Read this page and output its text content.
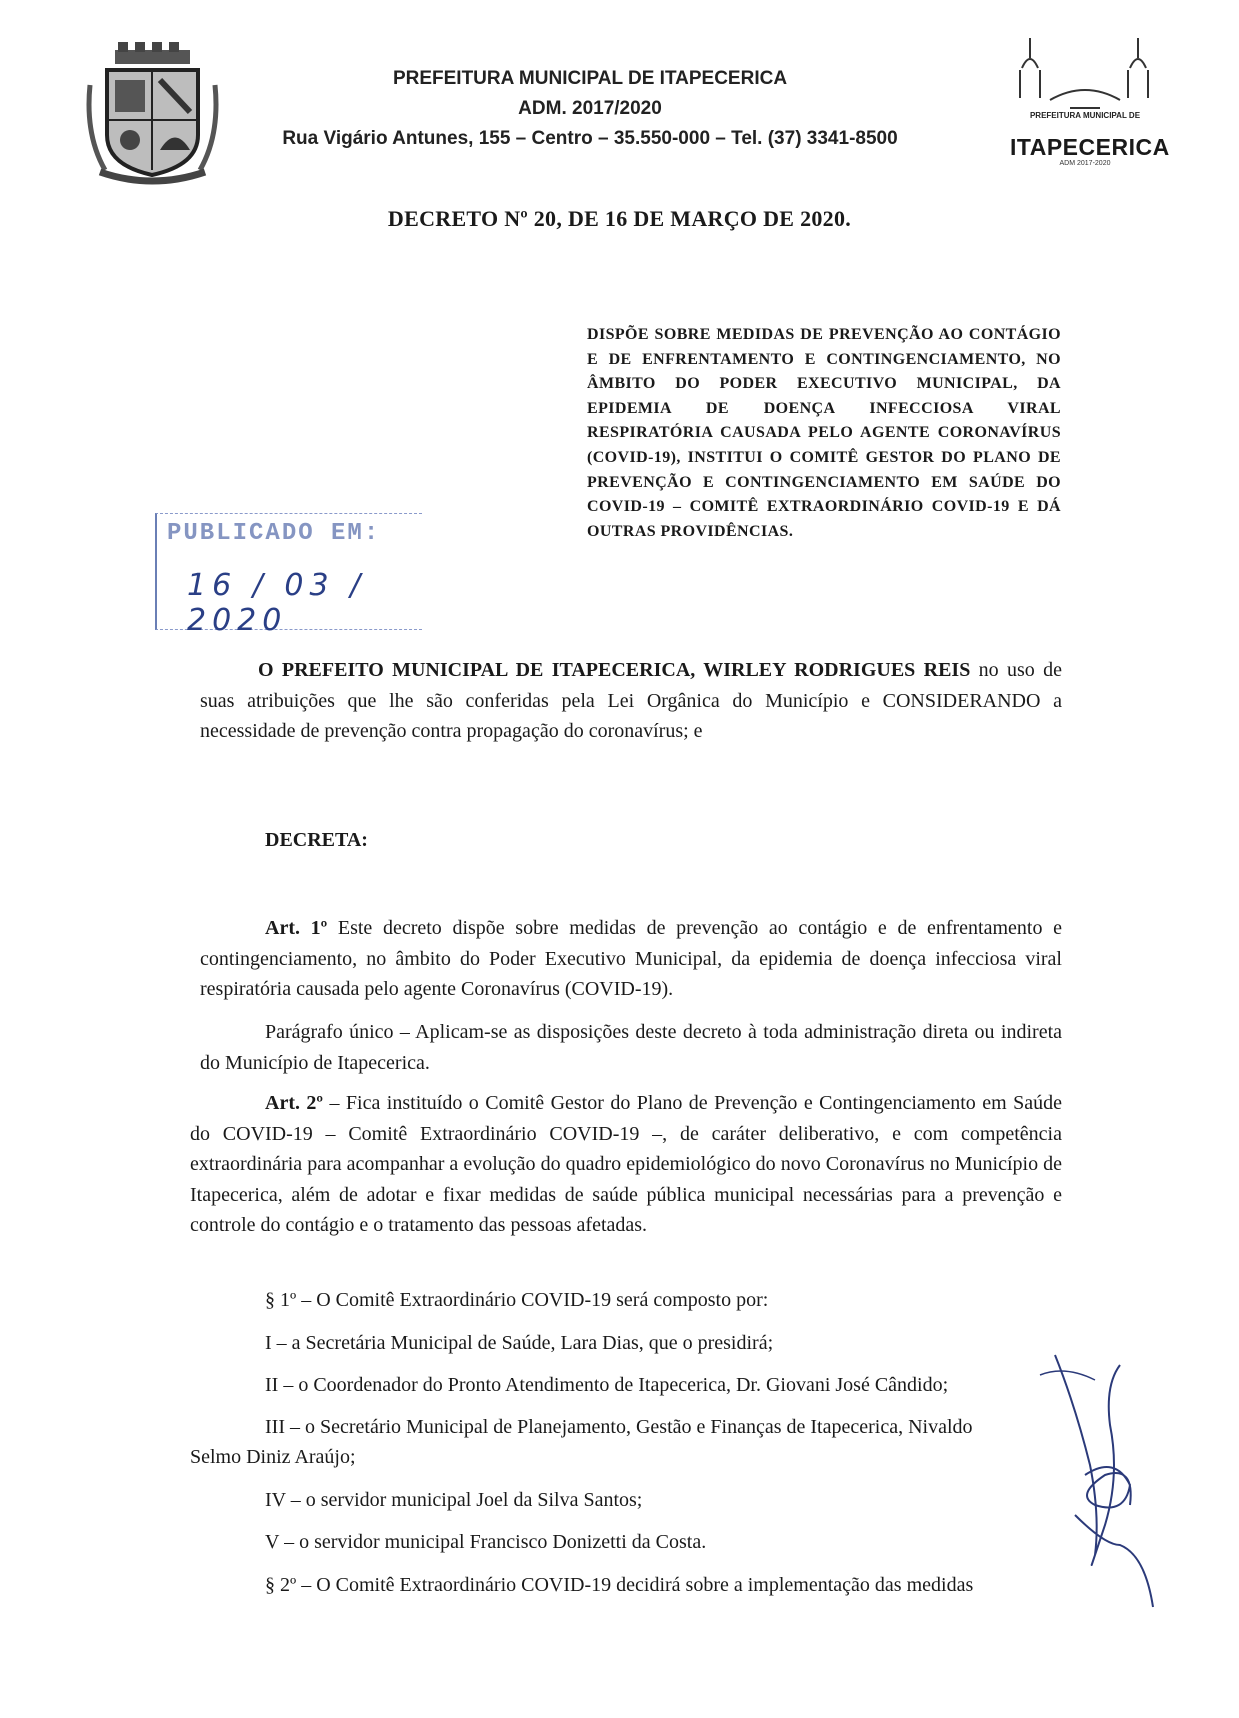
PREFEITURA MUNICIPAL DE ITAPECERICA
ADM. 2017/2020
Rua Vigário Antunes, 155 – Centro – 35.550-000 – Tel. (37) 3341-8500
PREFEITURA MUNICIPAL DE
ITAPECERICA
ADM 2017-2020
DECRETO Nº 20, DE 16 DE MARÇO DE 2020.
DISPÕE SOBRE MEDIDAS DE PREVENÇÃO AO CONTÁGIO E DE ENFRENTAMENTO E CONTINGENCIAMENTO, NO ÂMBITO DO PODER EXECUTIVO MUNICIPAL, DA EPIDEMIA DE DOENÇA INFECCIOSA VIRAL RESPIRATÓRIA CAUSADA PELO AGENTE CORONAVÍRUS (COVID-19), INSTITUI O COMITÊ GESTOR DO PLANO DE PREVENÇÃO E CONTINGENCIAMENTO EM SAÚDE DO COVID-19 – COMITÊ EXTRAORDINÁRIO COVID-19 E DÁ OUTRAS PROVIDÊNCIAS.
PUBLICADO EM:
16 / 03 / 2020
O PREFEITO MUNICIPAL DE ITAPECERICA, WIRLEY RODRIGUES REIS no uso de suas atribuições que lhe são conferidas pela Lei Orgânica do Município e CONSIDERANDO a necessidade de prevenção contra propagação do coronavírus; e
DECRETA:
Art. 1º Este decreto dispõe sobre medidas de prevenção ao contágio e de enfrentamento e contingenciamento, no âmbito do Poder Executivo Municipal, da epidemia de doença infecciosa viral respiratória causada pelo agente Coronavírus (COVID-19).
Parágrafo único – Aplicam-se as disposições deste decreto à toda administração direta ou indireta do Município de Itapecerica.
Art. 2º – Fica instituído o Comitê Gestor do Plano de Prevenção e Contingenciamento em Saúde do COVID-19 – Comitê Extraordinário COVID-19 –, de caráter deliberativo, e com competência extraordinária para acompanhar a evolução do quadro epidemiológico do novo Coronavírus no Município de Itapecerica, além de adotar e fixar medidas de saúde pública municipal necessárias para a prevenção e controle do contágio e o tratamento das pessoas afetadas.
§ 1º – O Comitê Extraordinário COVID-19 será composto por:
I – a Secretária Municipal de Saúde, Lara Dias, que o presidirá;
II – o Coordenador do Pronto Atendimento de Itapecerica, Dr. Giovani José Cândido;
III – o Secretário Municipal de Planejamento, Gestão e Finanças de Itapecerica, Nivaldo
Selmo Diniz Araújo;
IV – o servidor municipal Joel da Silva Santos;
V – o servidor municipal Francisco Donizetti da Costa.
§ 2º – O Comitê Extraordinário COVID-19 decidirá sobre a implementação das medidas
